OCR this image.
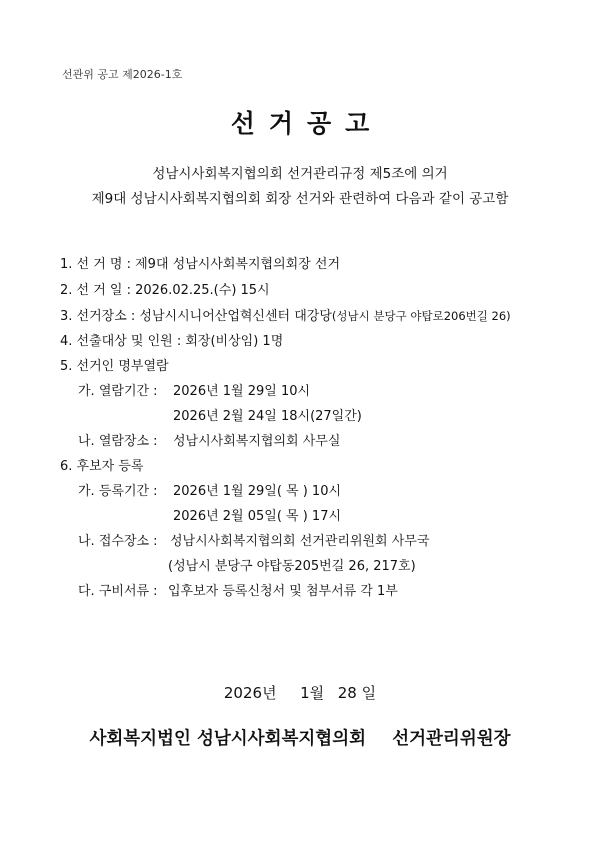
선관위 공고 제2026-1호
선거공고
성남시사회복지협의회 선거관리규정 제5조에 의거
제9대 성남시사회복지협의회 회장 선거와 관련하여 다음과 같이 공고함
1. 선 거 명 : 제9대 성남시사회복지협의회장 선거
2. 선 거 일 : 2026.02.25.(수) 15시
3. 선거장소 : 성남시시니어산업혁신센터 대강당(성남시 분당구 야탑로206번길 26)
4. 선출대상 및 인원 : 회장(비상임) 1명
5. 선거인 명부열람
가. 열람기간 : 2026년 1월 29일 10시
2026년 2월 24일 18시(27일간)
나. 열람장소 : 성남시사회복지협의회 사무실
6. 후보자 등록
가. 등록기간 : 2026년 1월 29일( 목 ) 10시
2026년 2월 05일( 목 ) 17시
나. 접수장소 : 성남시사회복지협의회 선거관리위원회 사무국
(성남시 분당구 야탑동205번길 26, 217호)
다. 구비서류 : 입후보자 등록신청서 및 첨부서류 각 1부
2026년 1월 28 일
사회복지법인 성남시사회복지협의회 선거관리위원장
